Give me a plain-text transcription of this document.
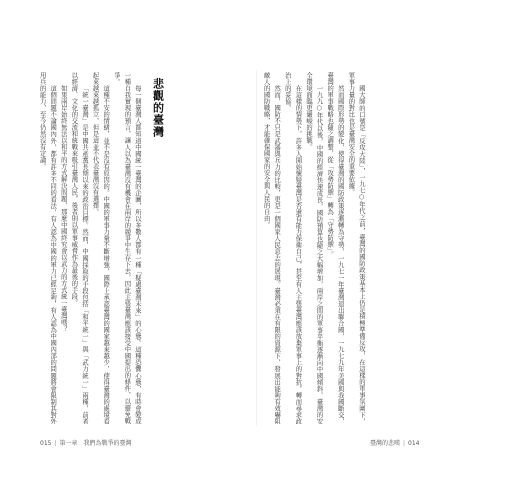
悲觀的臺灣

每一個臺灣人都知道中國統一臺灣的企圖，所以多數人都有一種「疑慮臺灣未來」的心態。這種恐懼心態，有時會變成一種自我實現的預言，讓人以為臺灣沒有機會在兩岸的競爭中生存下去，因此主張臺灣應該接受中國提出的條件，以避免戰爭。

這種不安的情緒，並不是沒有原因的。中國的軍事力量不斷增強，國際上承認臺灣的國家越來越少，使得臺灣的處境看起來越來越孤立，但是這並不代表臺灣沒有選擇。

「統一臺灣」是中國共產黨長期以來的政治目標。然而，中國採取的手段包括「和平統一」與「武力統一」兩種，前者以經濟、文化的交流和統戰來吸引臺灣人民，後者則以軍事威脅作為最後的手段。

如果兩岸始終無法以和平的方式解決問題，那麼中國終究會以武力的方式統一臺灣嗎？

這個問題不論國內外，都有許多不同的看法，有人認為中國的軍力已經足夠，有人認為中國內部的問題將會限制其對外用兵的能力，至今仍然沒有定論。	國大師的口號是「反攻大陸」，一九七○年代之前，臺灣的國防政策基本上仍是積極準備反攻，在這樣的軍事氛圍下，軍事力量的對比也是臺灣安全的重要依據。

然而國際形勢的變化，使得臺灣的國防政策逐漸轉為守勢，一九七一年臺灣退出聯合國，一九七九年美國與我國斷交，臺灣的軍事戰略也隨之調整，從「攻勢防禦」轉為「守勢防禦」。

一九九○年代以後，中國的經濟快速成長，國防預算也隨之大幅增加，兩岸之間的軍事平衡逐漸向中國傾斜，臺灣的安全環境面臨更嚴峻的挑戰。

在這樣的情勢下，許多人開始懷疑臺灣是否還有能力保衛自己，甚至有人主張臺灣應該放棄軍事上的對抗，轉而尋求政治上的妥協。

然而，國防不只是武器與兵力的比較，更是一個國家人民意志的展現。臺灣必須在有限的資源下，發展出能夠有效嚇阻敵人的國防戰略，才能確保國家的安全與人民的自由。

015 | 第一章　我們為戰爭的臺灣	臺灣的悲嘆 | 014
